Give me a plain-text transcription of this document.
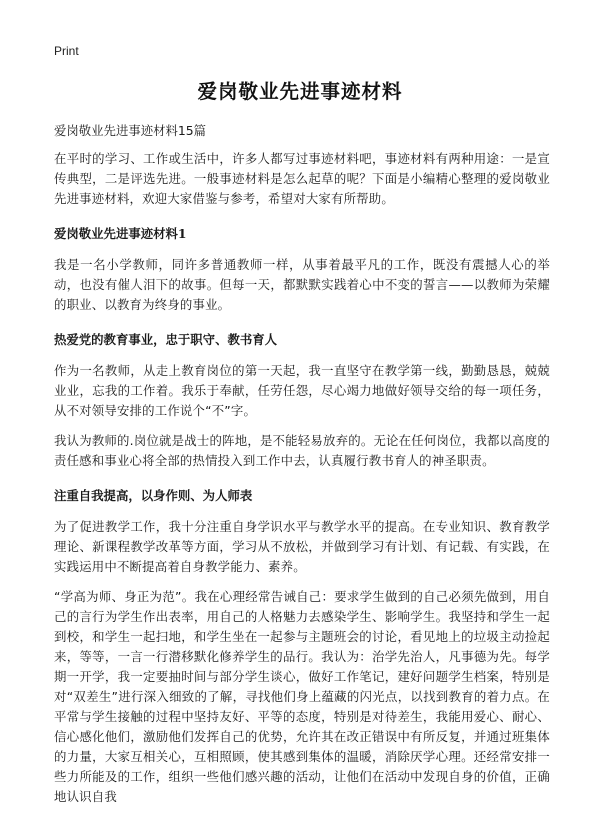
Print
爱岗敬业先进事迹材料
爱岗敬业先进事迹材料15篇

在平时的学习、工作或生活中，许多人都写过事迹材料吧，事迹材料有两种用途：一是宣传典型，二是评选先进。一般事迹材料是怎么起草的呢？下面是小编精心整理的爱岗敬业先进事迹材料，欢迎大家借鉴与参考，希望对大家有所帮助。

爱岗敬业先进事迹材料1

我是一名小学教师，同许多普通教师一样，从事着最平凡的工作，既没有震撼人心的举动，也没有催人泪下的故事。但每一天，都默默实践着心中不变的誓言——以教师为荣耀的职业、以教育为终身的事业。

热爱党的教育事业，忠于职守、教书育人

作为一名教师，从走上教育岗位的第一天起，我一直坚守在教学第一线，勤勤恳恳，兢兢业业，忘我的工作着。我乐于奉献，任劳任怨，尽心竭力地做好领导交给的每一项任务，从不对领导安排的工作说个“不”字。

我认为教师的.岗位就是战士的阵地，是不能轻易放弃的。无论在任何岗位，我都以高度的责任感和事业心将全部的热情投入到工作中去，认真履行教书育人的神圣职责。

注重自我提高，以身作则、为人师表

为了促进教学工作，我十分注重自身学识水平与教学水平的提高。在专业知识、教育教学理论、新课程教学改革等方面，学习从不放松，并做到学习有计划、有记载、有实践，在实践运用中不断提高着自身教学能力、素养。

“学高为师、身正为范”。我在心理经常告诫自己：要求学生做到的自己必须先做到，用自己的言行为学生作出表率，用自己的人格魅力去感染学生、影响学生。我坚持和学生一起到校，和学生一起扫地，和学生坐在一起参与主题班会的讨论，看见地上的垃圾主动捡起来，等等，一言一行潜移默化修养学生的品行。我认为：治学先治人，凡事德为先。每学期一开学，我一定要抽时间与部分学生谈心，做好工作笔记，建好问题学生档案，特别是对“双差生”进行深入细致的了解，寻找他们身上蕴藏的闪光点，以找到教育的着力点。在平常与学生接触的过程中坚持友好、平等的态度，特别是对待差生，我能用爱心、耐心、信心感化他们，激励他们发挥自己的优势，允许其在改正错误中有所反复，并通过班集体的力量，大家互相关心，互相照顾，使其感到集体的温暖，消除厌学心理。还经常安排一些力所能及的工作，组织一些他们感兴趣的活动，让他们在活动中发现自身的价值，正确地认识自我
